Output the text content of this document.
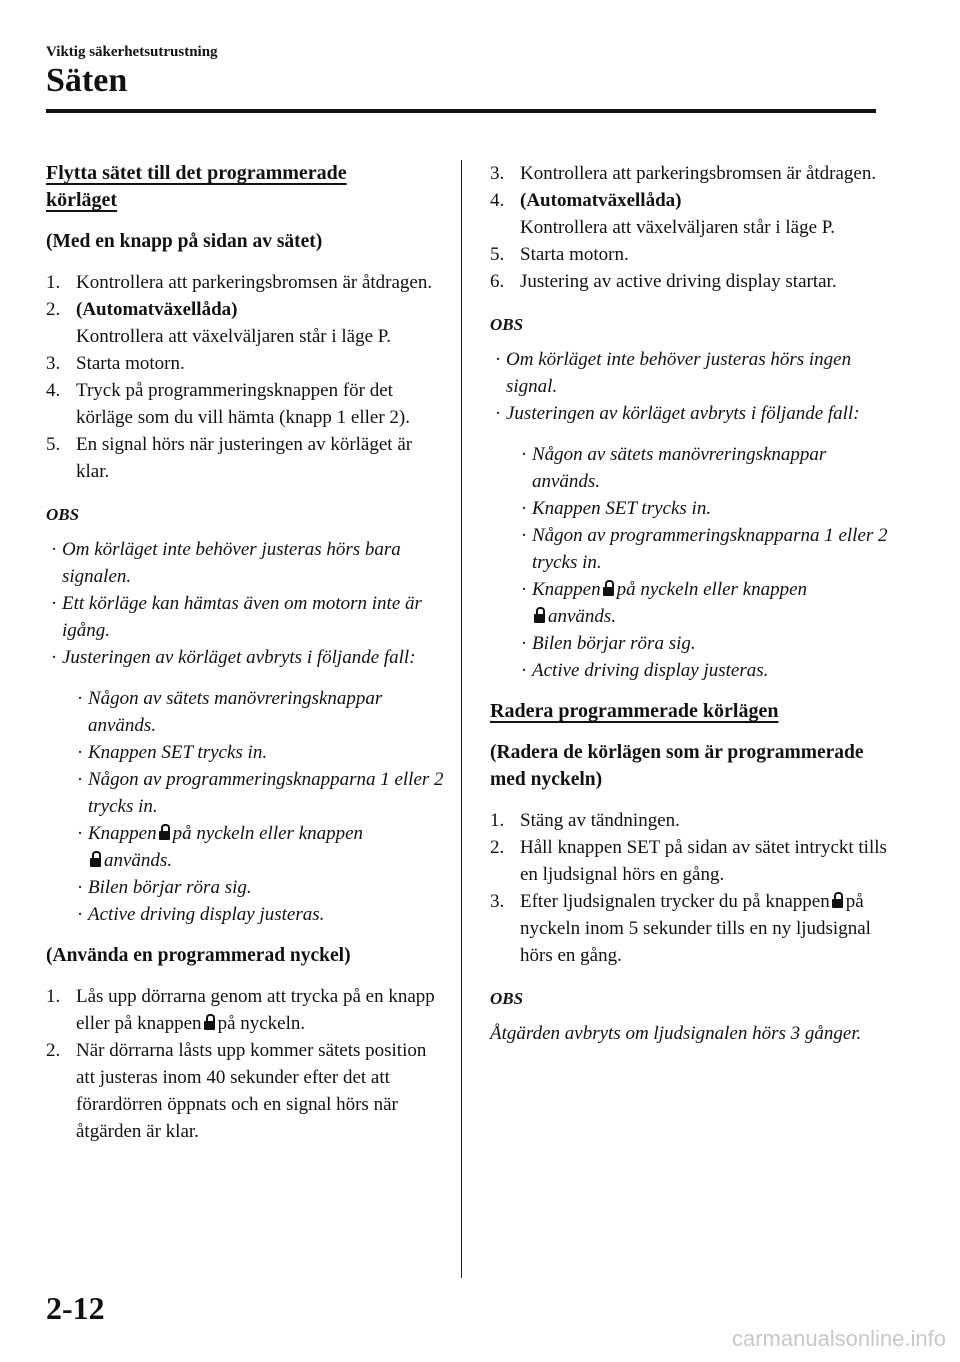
Viktig säkerhetsutrustning
Säten
Flytta sätet till det programmerade
körläget
(Med en knapp på sidan av sätet)
1. Kontrollera att parkeringsbromsen är åtdragen.
2. (Automatväxellåda)
Kontrollera att växelväljaren står i läge P.
3. Starta motorn.
4. Tryck på programmeringsknappen för det körläge som du vill hämta (knapp 1 eller 2).
5. En signal hörs när justeringen av körläget är klar.
OBS
· Om körläget inte behöver justeras hörs bara signalen.
· Ett körläge kan hämtas även om motorn inte är igång.
· Justeringen av körläget avbryts i följande fall:
· Någon av sätets manövreringsknappar används.
· Knappen SET trycks in.
· Någon av programmeringsknapparna 1 eller 2 trycks in.
· Knappen på nyckeln eller knappen

används.
· Bilen börjar röra sig.
· Active driving display justeras.
(Använda en programmerad nyckel)
1. Lås upp dörrarna genom att trycka på en knapp eller på knappen på nyckeln.
2. När dörrarna låsts upp kommer sätets position att justeras inom 40 sekunder efter det att förardörren öppnats och en signal hörs när åtgärden är klar.
3. Kontrollera att parkeringsbromsen är åtdragen.
4. (Automatväxellåda)
Kontrollera att växelväljaren står i läge P.
5. Starta motorn.
6. Justering av active driving display startar.
OBS
· Om körläget inte behöver justeras hörs ingen signal.
· Justeringen av körläget avbryts i följande fall:
· Någon av sätets manövreringsknappar används.
· Knappen SET trycks in.
· Någon av programmeringsknapparna 1 eller 2 trycks in.
· Knappen på nyckeln eller knappen

används.
· Bilen börjar röra sig.
· Active driving display justeras.
Radera programmerade körlägen
(Radera de körlägen som är programmerade med nyckeln)
1. Stäng av tändningen.
2. Håll knappen SET på sidan av sätet intryckt tills en ljudsignal hörs en gång.
3. Efter ljudsignalen trycker du på knappen på nyckeln inom 5 sekunder tills en ny ljudsignal hörs en gång.
OBS

Åtgärden avbryts om ljudsignalen hörs 3 gånger.

2-12
carmanualsonline.info
